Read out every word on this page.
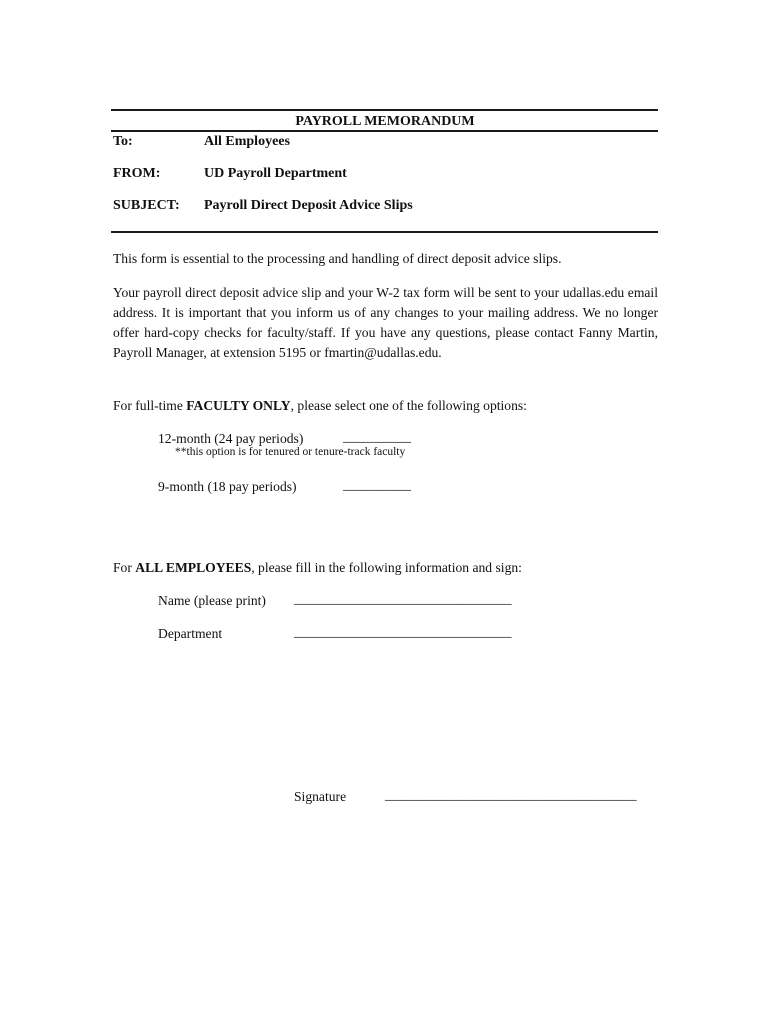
PAYROLL MEMORANDUM
To:	All Employees
FROM:	UD Payroll Department
SUBJECT: Payroll Direct Deposit Advice Slips
This form is essential to the processing and handling of direct deposit advice slips.
Your payroll direct deposit advice slip and your W-2 tax form will be sent to your udallas.edu email address. It is important that you inform us of any changes to your mailing address. We no longer offer hard-copy checks for faculty/staff. If you have any questions, please contact Fanny Martin, Payroll Manager, at extension 5195 or fmartin@udallas.edu.
For full-time FACULTY ONLY, please select one of the following options:
12-month (24 pay periods)	__________
**this option is for tenured or tenure-track faculty
9-month (18 pay periods)	__________
For ALL EMPLOYEES, please fill in the following information and sign:
Name (please print) ________________________________
Department	________________________________
Signature	_____________________________________
